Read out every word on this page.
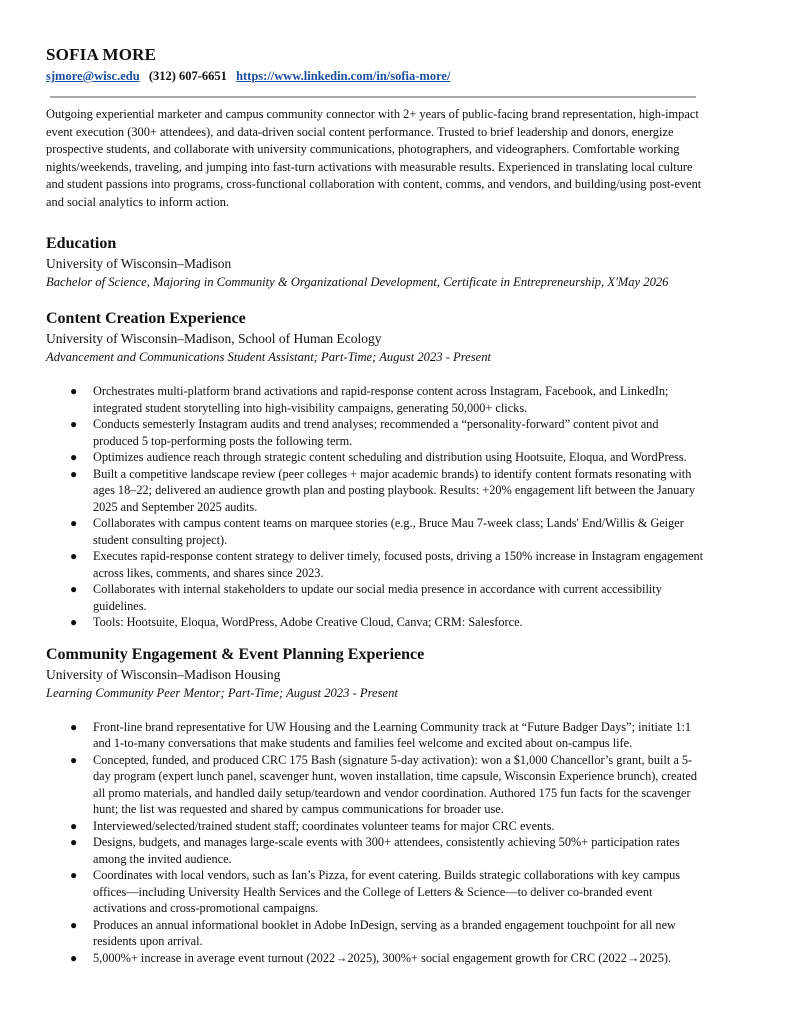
SOFIA MORE
sjmore@wisc.edu (312) 607-6651 https://www.linkedin.com/in/sofia-more/

Outgoing experiential marketer and campus community connector with 2+ years of public-facing brand representation, high-impact event execution (300+ attendees), and data-driven social content performance. Trusted to brief leadership and donors, energize prospective students, and collaborate with university communications, photographers, and videographers. Comfortable working nights/weekends, traveling, and jumping into fast-turn activations with measurable results. Experienced in translating local culture and student passions into programs, cross-functional collaboration with content, comms, and vendors, and building/using post-event and social analytics to inform action.

Education
University of Wisconsin–Madison
Bachelor of Science, Majoring in Community & Organizational Development, Certificate in Entrepreneurship, X'May 2026
Content Creation Experience
University of Wisconsin–Madison, School of Human Ecology
Advancement and Communications Student Assistant; Part-Time; August 2023 - Present
● Orchestrates multi-platform brand activations and rapid-response content across Instagram, Facebook, and LinkedIn; integrated student storytelling into high-visibility campaigns, generating 50,000+ clicks.
● Conducts semesterly Instagram audits and trend analyses; recommended a “personality-forward” content pivot and produced 5 top-performing posts the following term.
● Optimizes audience reach through strategic content scheduling and distribution using Hootsuite, Eloqua, and WordPress.
● Built a competitive landscape review (peer colleges + major academic brands) to identify content formats resonating with ages 18–22; delivered an audience growth plan and posting playbook. Results: +20% engagement lift between the January 2025 and September 2025 audits.
● Collaborates with campus content teams on marquee stories (e.g., Bruce Mau 7-week class; Lands' End/Willis & Geiger student consulting project).
● Executes rapid-response content strategy to deliver timely, focused posts, driving a 150% increase in Instagram engagement across likes, comments, and shares since 2023.
● Collaborates with internal stakeholders to update our social media presence in accordance with current accessibility guidelines.
● Tools: Hootsuite, Eloqua, WordPress, Adobe Creative Cloud, Canva; CRM: Salesforce.
Community Engagement & Event Planning Experience
University of Wisconsin–Madison Housing
Learning Community Peer Mentor; Part-Time; August 2023 - Present
● Front-line brand representative for UW Housing and the Learning Community track at “Future Badger Days”; initiate 1:1 and 1-to-many conversations that make students and families feel welcome and excited about on-campus life.
● Concepted, funded, and produced CRC 175 Bash (signature 5-day activation): won a $1,000 Chancellor’s grant, built a 5-day program (expert lunch panel, scavenger hunt, woven installation, time capsule, Wisconsin Experience brunch), created all promo materials, and handled daily setup/teardown and vendor coordination. Authored 175 fun facts for the scavenger hunt; the list was requested and shared by campus communications for broader use.
● Interviewed/selected/trained student staff; coordinates volunteer teams for major CRC events.
● Designs, budgets, and manages large-scale events with 300+ attendees, consistently achieving 50%+ participation rates among the invited audience.
● Coordinates with local vendors, such as Ian’s Pizza, for event catering. Builds strategic collaborations with key campus offices—including University Health Services and the College of Letters & Science—to deliver co-branded event activations and cross-promotional campaigns.
● Produces an annual informational booklet in Adobe InDesign, serving as a branded engagement touchpoint for all new residents upon arrival.
● 5,000%+ increase in average event turnout (2022→2025), 300%+ social engagement growth for CRC (2022→2025).
